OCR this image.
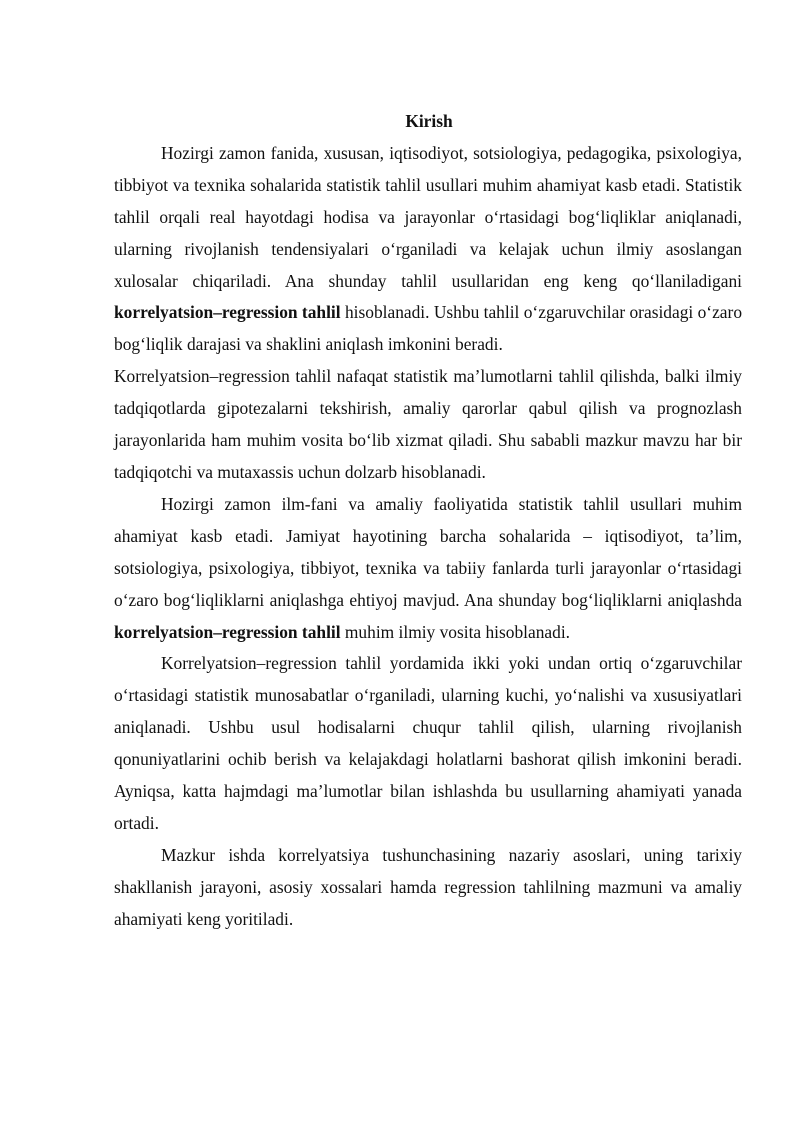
Kirish

Hozirgi zamon fanida, xususan, iqtisodiyot, sotsiologiya, pedagogika, psixologiya, tibbiyot va texnika sohalarida statistik tahlil usullari muhim ahamiyat kasb etadi. Statistik tahlil orqali real hayotdagi hodisa va jarayonlar o‘rtasidagi bog‘liqliklar aniqlanadi, ularning rivojlanish tendensiyalari o‘rganiladi va kelajak uchun ilmiy asoslangan xulosalar chiqariladi. Ana shunday tahlil usullaridan eng keng qo‘llaniladigani korrelyatsion–regression tahlil hisoblanadi. Ushbu tahlil o‘zgaruvchilar orasidagi o‘zaro bog‘liqlik darajasi va shaklini aniqlash imkonini beradi.

Korrelyatsion–regression tahlil nafaqat statistik ma’lumotlarni tahlil qilishda, balki ilmiy tadqiqotlarda gipotezalarni tekshirish, amaliy qarorlar qabul qilish va prognozlash jarayonlarida ham muhim vosita bo‘lib xizmat qiladi. Shu sababli mazkur mavzu har bir tadqiqotchi va mutaxassis uchun dolzarb hisoblanadi.

Hozirgi zamon ilm-fani va amaliy faoliyatida statistik tahlil usullari muhim ahamiyat kasb etadi. Jamiyat hayotining barcha sohalarida – iqtisodiyot, ta’lim, sotsiologiya, psixologiya, tibbiyot, texnika va tabiiy fanlarda turli jarayonlar o‘rtasidagi o‘zaro bog‘liqliklarni aniqlashga ehtiyoj mavjud. Ana shunday bog‘liqliklarni aniqlashda korrelyatsion–regression tahlil muhim ilmiy vosita hisoblanadi.

Korrelyatsion–regression tahlil yordamida ikki yoki undan ortiq o‘zgaruvchilar o‘rtasidagi statistik munosabatlar o‘rganiladi, ularning kuchi, yo‘nalishi va xususiyatlari aniqlanadi. Ushbu usul hodisalarni chuqur tahlil qilish, ularning rivojlanish qonuniyatlarini ochib berish va kelajakdagi holatlarni bashorat qilish imkonini beradi. Ayniqsa, katta hajmdagi ma’lumotlar bilan ishlashda bu usullarning ahamiyati yanada ortadi.

Mazkur ishda korrelyatsiya tushunchasining nazariy asoslari, uning tarixiy shakllanish jarayoni, asosiy xossalari hamda regression tahlilning mazmuni va amaliy ahamiyati keng yoritiladi.
